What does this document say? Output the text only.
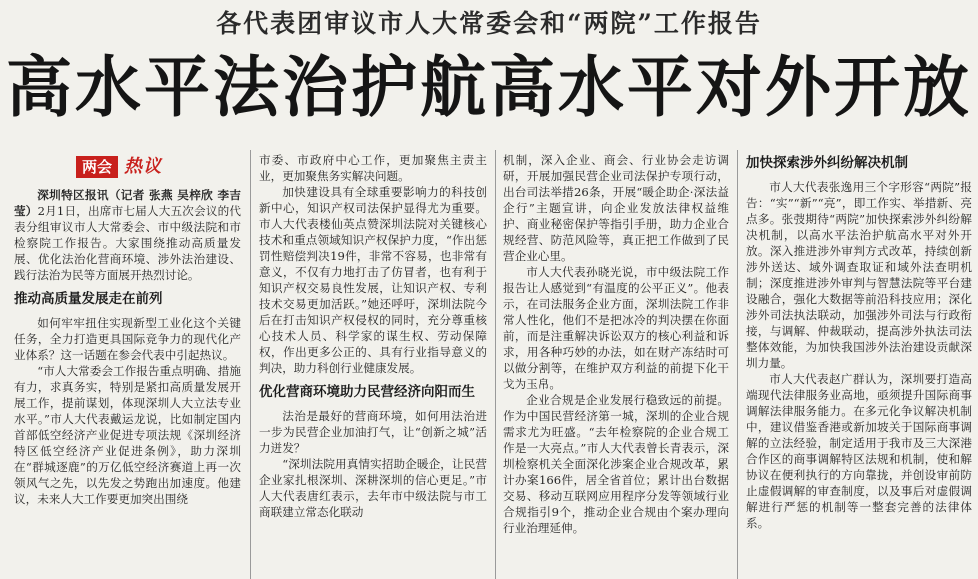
各代表团审议市人大常委会和“两院”工作报告
高水平法治护航高水平对外开放
两会 热议

深圳特区报讯（记者 张燕 吴梓欣 李吉莹）2月1日，出席市七届人大五次会议的代表分组审议市人大常委会、市中级法院和市检察院工作报告。大家围绕推动高质量发展、优化法治化营商环境、涉外法治建设、践行法治为民等方面展开热烈讨论。

推动高质量发展走在前列

如何牢牢扭住实现新型工业化这个关键任务，全力打造更具国际竞争力的现代化产业体系？这一话题在参会代表中引起热议。

“市人大常委会工作报告重点明确、措施有力，求真务实，特别是紧扣高质量发展开展工作，提前谋划，体现深圳人大立法专业水平。”市人大代表戴运龙说，比如制定国内首部低空经济产业促进专项法规《深圳经济特区低空经济产业促进条例》，助力深圳在“群城逐鹿”的万亿低空经济赛道上再一次领风气之先，以先发之势跑出加速度。他建议，未来人大工作要更加突出围绕

市委、市政府中心工作，更加聚焦主责主业，更加聚焦务实解决问题。

加快建设具有全球重要影响力的科技创新中心，知识产权司法保护显得尤为重要。市人大代表楼仙英点赞深圳法院对关键核心技术和重点领域知识产权保护力度，“作出惩罚性赔偿判决19件，非常不容易，也非常有意义，不仅有力地打击了仿冒者，也有利于知识产权交易良性发展，让知识产权、专利技术交易更加活跃。”她还呼吁，深圳法院今后在打击知识产权侵权的同时，充分尊重核心技术人员、科学家的谋生权、劳动保障权，作出更多公正的、具有行业指导意义的判决，助力科创行业健康发展。

优化营商环境助力民营经济向阳而生

法治是最好的营商环境，如何用法治进一步为民营企业加油打气，让“创新之城”活力迸发？

“深圳法院用真情实招助企暖企，让民营企业家扎根深圳、深耕深圳的信心更足。”市人大代表唐红表示，去年市中级法院与市工商联建立常态化联动

机制，深入企业、商会、行业协会走访调研，开展加强民营企业司法保护专项行动，出台司法举措26条，开展“暖企助企·深法益企行”主题宣讲，向企业发放法律权益维护、商业秘密保护等指引手册，助力企业合规经营、防范风险等，真正把工作做到了民营企业心里。

市人大代表孙晓光说，市中级法院工作报告让人感觉到“有温度的公平正义”。他表示，在司法服务企业方面，深圳法院工作非常人性化，他们不是把冰冷的判决摆在你面前，而是注重解决诉讼双方的核心利益和诉求，用各种巧妙的办法，如在财产冻结时可以做分割等，在维护双方利益的前提下化干戈为玉帛。

企业合规是企业发展行稳致远的前提。作为中国民营经济第一城，深圳的企业合规需求尤为旺盛。“去年检察院的企业合规工作是一大亮点。”市人大代表曾长青表示，深圳检察机关全面深化涉案企业合规改革，累计办案166件，居全省首位；累计出台数据交易、移动互联网应用程序分发等领域行业合规指引9个，推动企业合规由个案办理向行业治理延伸。

加快探索涉外纠纷解决机制

市人大代表张逸用三个字形容“两院”报告：“实”“新”“亮”，即工作实、举措新、亮点多。张弢期待“两院”加快探索涉外纠纷解决机制，以高水平法治护航高水平对外开放。深入推进涉外审判方式改革，持续创新涉外送达、域外调查取证和域外法查明机制；深度推进涉外审判与智慧法院等平台建设融合，强化大数据等前沿科技应用；深化涉外司法执法联动，加强涉外司法与行政衔接，与调解、仲裁联动，提高涉外执法司法整体效能，为加快我国涉外法治建设贡献深圳力量。

市人大代表赵广群认为，深圳要打造高端现代法律服务业高地，亟须提升国际商事调解法律服务能力。在多元化争议解决机制中，建议借鉴香港或新加坡关于国际商事调解的立法经验，制定适用于我市及三大深港合作区的商事调解特区法规和机制，使和解协议在便利执行的方向靠拢，并创设审前防止虚假调解的审查制度，以及事后对虚假调解进行严惩的机制等一整套完善的法律体系。
